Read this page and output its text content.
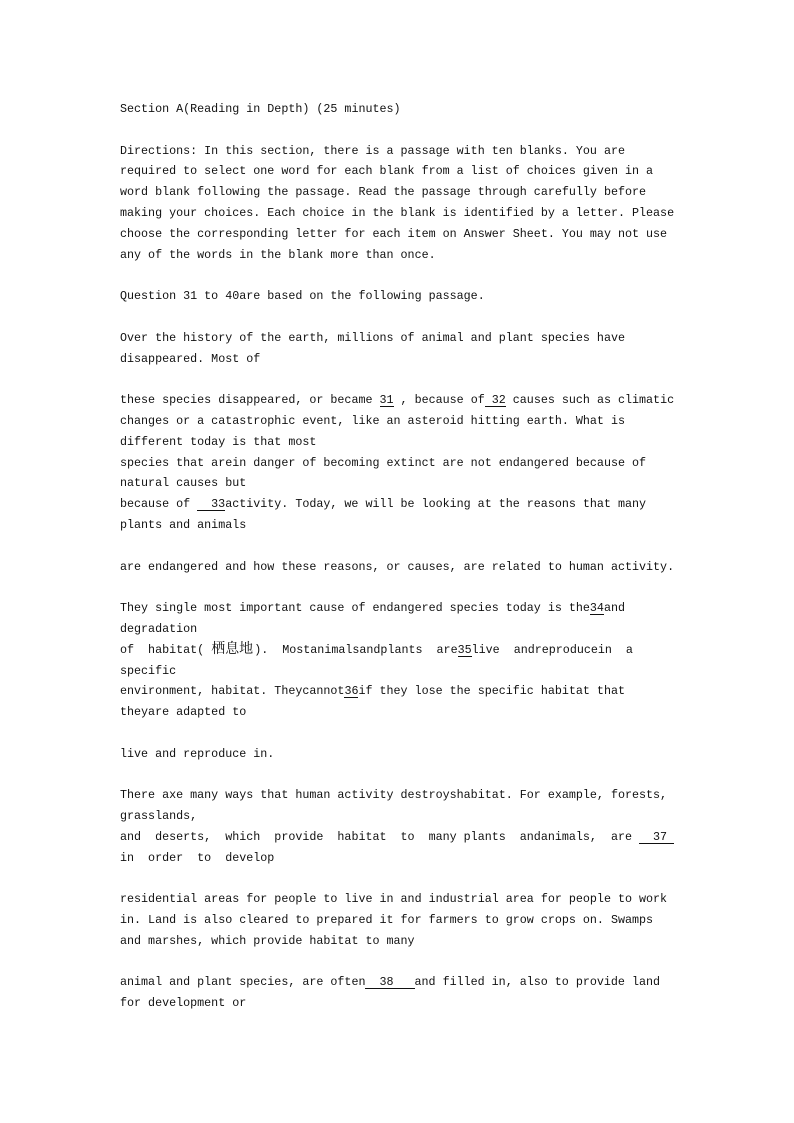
Section A(Reading in Depth) (25 minutes)
Directions: In this section, there is a passage with ten blanks. You are
required to select one word for each blank from a list of choices given in a
word blank following the passage. Read the passage through carefully before
making your choices. Each choice in the blank is identified by a letter. Please
choose the corresponding letter for each item on Answer Sheet. You may not use
any of the words in the blank more than once.
Question 31 to 40are based on the following passage.
Over the history of the earth, millions of animal and plant species have
disappeared. Most of
these species disappeared, or became 31 , because of 32 causes such as climatic
changes or a catastrophic event, like an asteroid hitting earth. What is
different today is that most
species that arein danger of becoming extinct are not endangered because of
natural causes but
because of 33activity. Today, we will be looking at the reasons that many
plants and animals
are endangered and how these reasons, or causes, are related to human activity.
They single most important cause of endangered species today is the34and
degradation
of  habitat( 栖息地).  Mostanimalsandplants  are35live  andreproducein  a
specific
environment, habitat. Theycannot36if they lose the specific habitat that
theyare adapted to
live and reproduce in.
There axe many ways that human activity destroyshabitat. For example, forests,
grasslands,
and  deserts,  which  provide  habitat  to  many plants  andanimals,  are 37
in  order  to  develop
residential areas for people to live in and industrial area for people to work
in. Land is also cleared to prepared it for farmers to grow crops on. Swamps
and marshes, which provide habitat to many
animal and plant species, are often 38 and filled in, also to provide land
for development or
